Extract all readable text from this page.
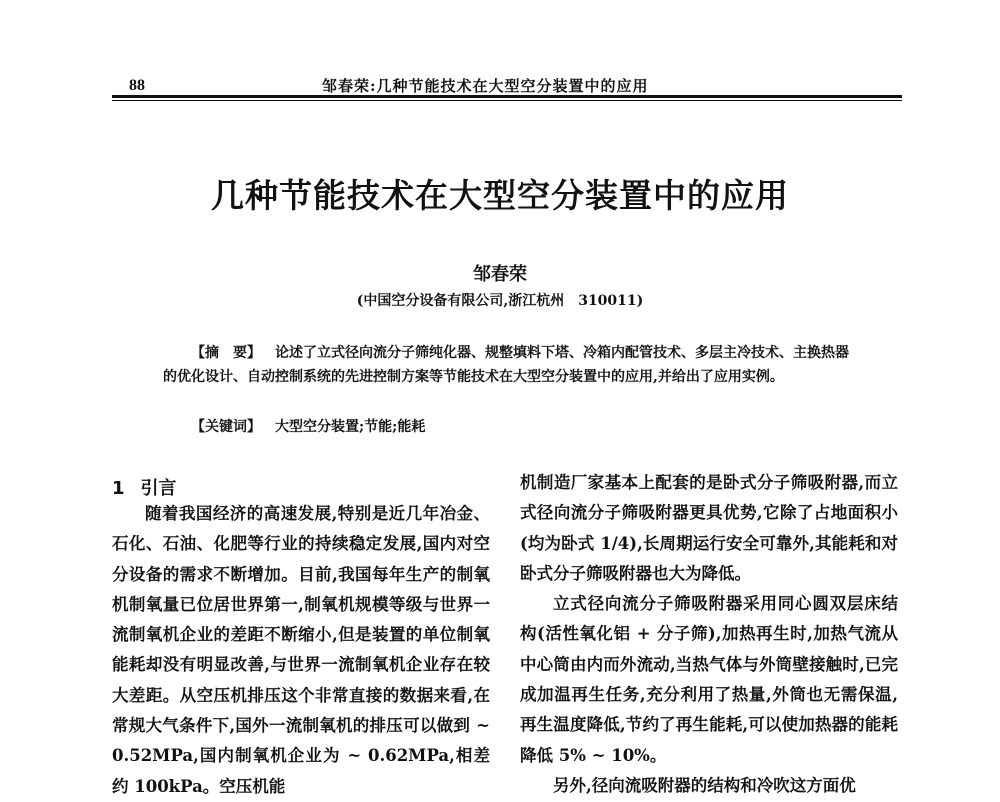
88	邹春荣:几种节能技术在大型空分装置中的应用
几种节能技术在大型空分装置中的应用
邹春荣
(中国空分设备有限公司,浙江杭州　310011)
【摘　要】 论述了立式径向流分子筛纯化器、规整填料下塔、冷箱内配管技术、多层主冷技术、主换热器的优化设计、自动控制系统的先进控制方案等节能技术在大型空分装置中的应用,并给出了应用实例。
【关键词】 大型空分装置;节能;能耗
1 引言

随着我国经济的高速发展,特别是近几年冶金、石化、石油、化肥等行业的持续稳定发展,国内对空分设备的需求不断增加。目前,我国每年生产的制氧机制氧量已位居世界第一,制氧机规模等级与世界一流制氧机企业的差距不断缩小,但是装置的单位制氧能耗却没有明显改善,与世界一流制氧机企业存在较大差距。从空压机排压这个非常直接的数据来看,在常规大气条件下,国外一流制氧机的排压可以做到 ~ 0.52MPa,国内制氧机企业为 ~ 0.62MPa,相差约 100kPa。空压机能

机制造厂家基本上配套的是卧式分子筛吸附器,而立式径向流分子筛吸附器更具优势,它除了占地面积小(均为卧式 1/4),长周期运行安全可靠外,其能耗和对卧式分子筛吸附器也大为降低。

立式径向流分子筛吸附器采用同心圆双层床结构(活性氧化铝 + 分子筛),加热再生时,加热气流从中心筒由内而外流动,当热气体与外筒壁接触时,已完成加温再生任务,充分利用了热量,外筒也无需保温,再生温度降低,节约了再生能耗,可以使加热器的能耗降低 5% ~ 10%。

另外,径向流吸附器的结构和冷吹这方面优
